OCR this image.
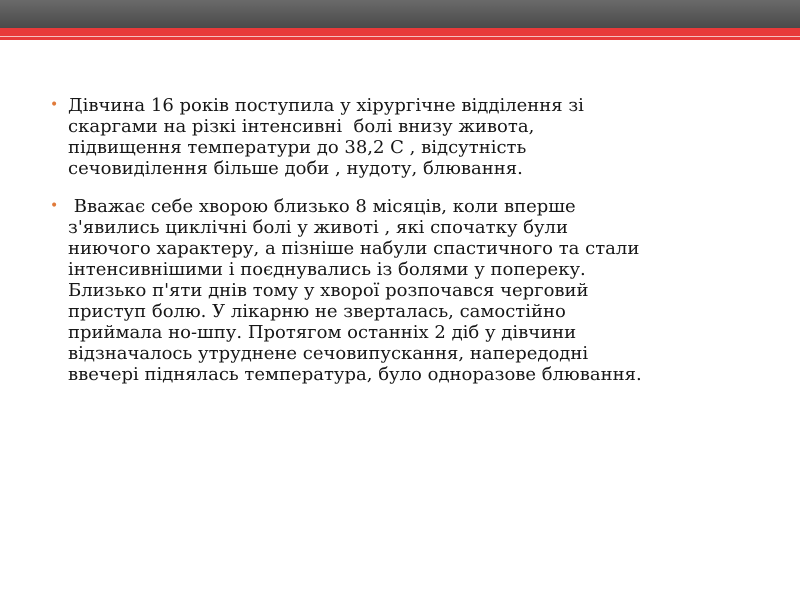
• Дівчина 16 років поступила у хірургічне відділення зі
скаргами на різкі інтенсивні  болі внизу живота,
підвищення температури до 38,2 С , відсутність
сечовиділення більше доби , нудоту, блювання.
• Вважає себе хворою близько 8 місяців, коли вперше
з'явились циклічні болі у животі , які спочатку були
ниючого характеру, а пізніше набули спастичного та стали
інтенсивнішими і поєднувались із болями у попереку.
Близько п'яти днів тому у хворої розпочався черговий
приступ болю. У лікарню не зверталась, самостійно
приймала но-шпу. Протягом останніх 2 діб у дівчини
відзначалось утруднене сечовипускання, напередодні
ввечері піднялась температура, було одноразове блювання.
